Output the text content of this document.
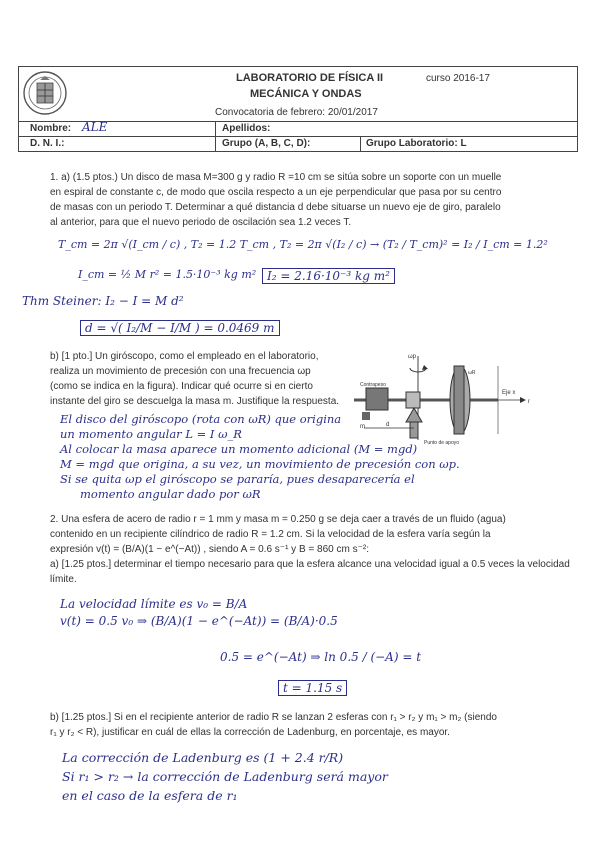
LABORATORIO DE FÍSICA II
MECÁNICA Y ONDAS
curso 2016-17
Convocatoria de febrero: 20/01/2017
Nombre: ALE	Apellidos:
D. N. I.:	Grupo (A, B, C, D):	Grupo Laboratorio: L
1. a) (1.5 ptos.) Un disco de masa M=300 g y radio R =10 cm se sitúa sobre un soporte con un muelle
en espiral de constante c, de modo que oscila respecto a un eje perpendicular que pasa por su centro
de masas con un periodo T. Determinar a qué distancia d debe situarse un nuevo eje de giro, paralelo
al anterior, para que el nuevo periodo de oscilación sea 1.2 veces T.
T_cm = 2π √(I_cm / c) , T₂ = 1.2 T_cm , T₂ = 2π √(I₂ / c) → (T₂ / T_cm)² = I₂ / I_cm = 1.2²
I_cm = ½ M r² = 1.5·10⁻³ kg m² I₂ = 2.16·10⁻³ kg m²
Thm Steiner: I₂ − I = M d²
d = √( I₂/M − I/M ) = 0.0469 m
b) [1 pto.] Un giróscopo, como el empleado en el laboratorio,
realiza un movimiento de precesión con una frecuencia ωp
(como se indica en la figura). Indicar qué ocurre si en cierto
instante del giro se descuelga la masa m. Justifique la respuesta.
ωp
Contrapeso
d
m
Eje x
r
ωR
Punto de apoyo
El disco del giróscopo (rota con ωR) que origina
un momento angular L = I ω_R
Al colocar la masa aparece un momento adicional (M = mgd)
M = mgd que origina, a su vez, un movimiento de precesión con ωp.
Si se quita ωp el giróscopo se pararía, pues desaparecería el
momento angular dado por ωR
2. Una esfera de acero de radio r = 1 mm y masa m = 0.250 g se deja caer a través de un fluido (agua)
contenido en un recipiente cilíndrico de radio R = 1.2 cm. Si la velocidad de la esfera varía según la
expresión v(t) = (B/A)(1 − e^(−At)) , siendo A = 0.6 s⁻¹ y B = 860 cm s⁻²:
a) [1.25 ptos.] determinar el tiempo necesario para que la esfera alcance una velocidad igual a 0.5 veces la velocidad límite.
La velocidad límite es v₀ = B/A
v(t) = 0.5 v₀ ⇒ (B/A)(1 − e^(−At)) = (B/A)·0.5
0.5 = e^(−At) ⇒ ln 0.5 / (−A) = t
t = 1.15 s
b) [1.25 ptos.] Si en el recipiente anterior de radio R se lanzan 2 esferas con r₁ > r₂ y m₁ > m₂ (siendo
r₁ y r₂ < R), justificar en cuál de ellas la corrección de Ladenburg, en porcentaje, es mayor.
La corrección de Ladenburg es (1 + 2.4 r/R)
Si r₁ > r₂ → la corrección de Ladenburg será mayor
en el caso de la esfera de r₁
